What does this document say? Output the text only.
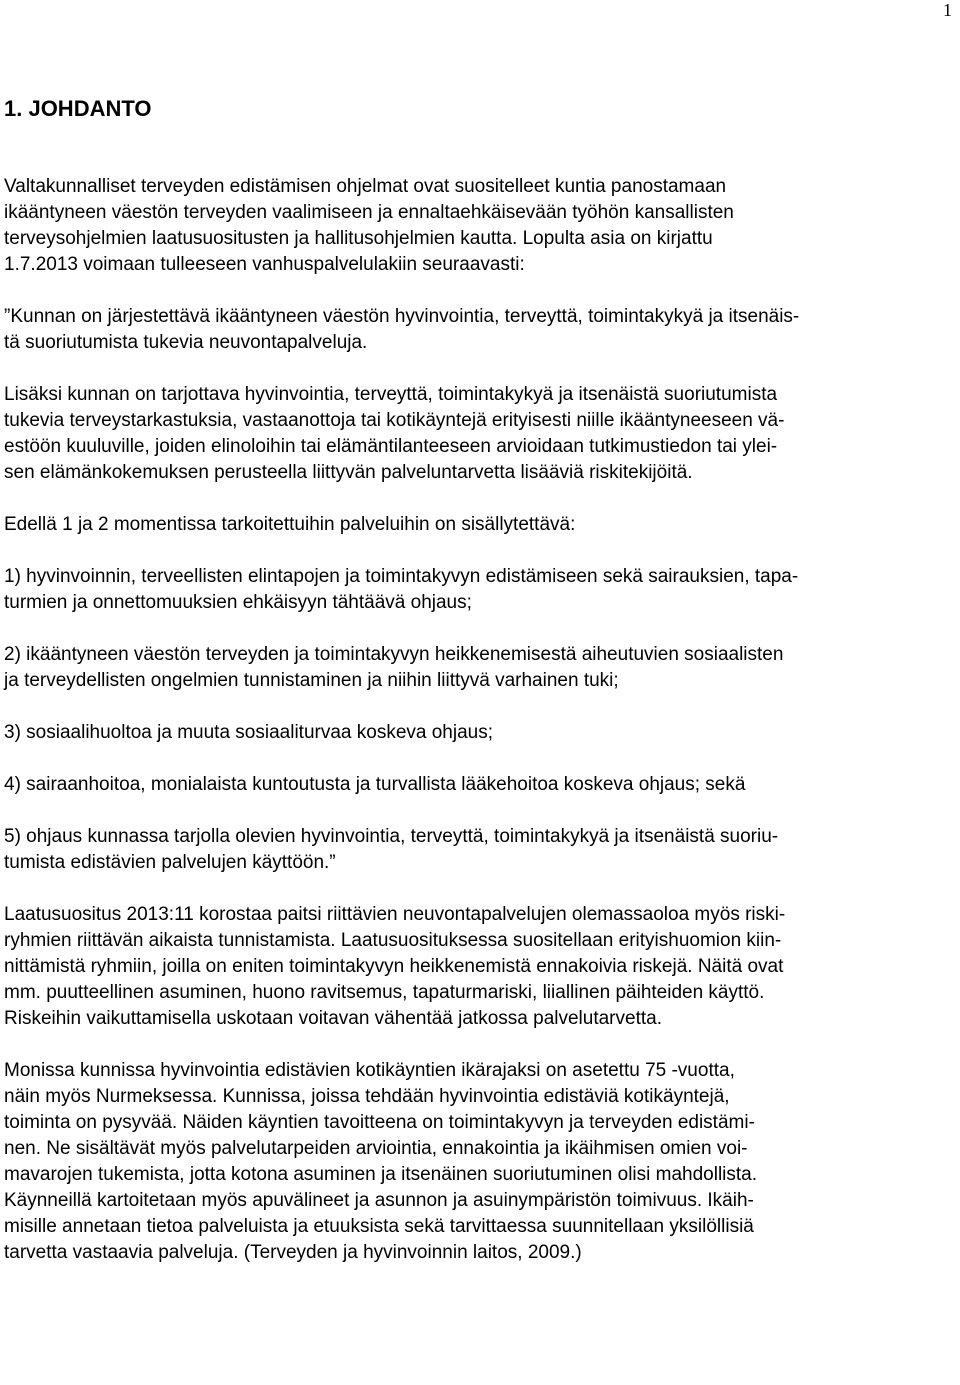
1
1. JOHDANTO

Valtakunnalliset terveyden edistämisen ohjelmat ovat suositelleet kuntia panostamaan
ikääntyneen väestön terveyden vaalimiseen ja ennaltaehkäisevään työhön kansallisten
terveysohjelmien laatusuositusten ja hallitusohjelmien kautta. Lopulta asia on kirjattu
1.7.2013 voimaan tulleeseen vanhuspalvelulakiin seuraavasti:

”Kunnan on järjestettävä ikääntyneen väestön hyvinvointia, terveyttä, toimintakykyä ja itsenäis-
tä suoriutumista tukevia neuvontapalveluja.

Lisäksi kunnan on tarjottava hyvinvointia, terveyttä, toimintakykyä ja itsenäistä suoriutumista
tukevia terveystarkastuksia, vastaanottoja tai kotikäyntejä erityisesti niille ikääntyneeseen vä-
estöön kuuluville, joiden elinoloihin tai elämäntilanteeseen arvioidaan tutkimustiedon tai ylei-
sen elämänkokemuksen perusteella liittyvän palveluntarvetta lisääviä riskitekijöitä.

Edellä 1 ja 2 momentissa tarkoitettuihin palveluihin on sisällytettävä:

1) hyvinvoinnin, terveellisten elintapojen ja toimintakyvyn edistämiseen sekä sairauksien, tapa-
turmien ja onnettomuuksien ehkäisyyn tähtäävä ohjaus;

2) ikääntyneen väestön terveyden ja toimintakyvyn heikkenemisestä aiheutuvien sosiaalisten
ja terveydellisten ongelmien tunnistaminen ja niihin liittyvä varhainen tuki;

3) sosiaalihuoltoa ja muuta sosiaaliturvaa koskeva ohjaus;

4) sairaanhoitoa, monialaista kuntoutusta ja turvallista lääkehoitoa koskeva ohjaus; sekä

5) ohjaus kunnassa tarjolla olevien hyvinvointia, terveyttä, toimintakykyä ja itsenäistä suoriu-
tumista edistävien palvelujen käyttöön.”

Laatusuositus 2013:11 korostaa paitsi riittävien neuvontapalvelujen olemassaoloa myös riski-
ryhmien riittävän aikaista tunnistamista. Laatusuosituksessa suositellaan erityishuomion kiin-
nittämistä ryhmiin, joilla on eniten toimintakyvyn heikkenemistä ennakoivia riskejä. Näitä ovat
mm. puutteellinen asuminen, huono ravitsemus, tapaturmariski, liiallinen päihteiden käyttö.
Riskeihin vaikuttamisella uskotaan voitavan vähentää jatkossa palvelutarvetta.

Monissa kunnissa hyvinvointia edistävien kotikäyntien ikärajaksi on asetettu 75 -vuotta,
näin myös Nurmeksessa. Kunnissa, joissa tehdään hyvinvointia edistäviä kotikäyntejä,
toiminta on pysyvää. Näiden käyntien tavoitteena on toimintakyvyn ja terveyden edistämi-
nen. Ne sisältävät myös palvelutarpeiden arviointia, ennakointia ja ikäihmisen omien voi-
mavarojen tukemista, jotta kotona asuminen ja itsenäinen suoriutuminen olisi mahdollista.
Käynneillä kartoitetaan myös apuvälineet ja asunnon ja asuinympäristön toimivuus. Ikäih-
misille annetaan tietoa palveluista ja etuuksista sekä tarvittaessa suunnitellaan yksilöllisiä
tarvetta vastaavia palveluja. (Terveyden ja hyvinvoinnin laitos, 2009.)
